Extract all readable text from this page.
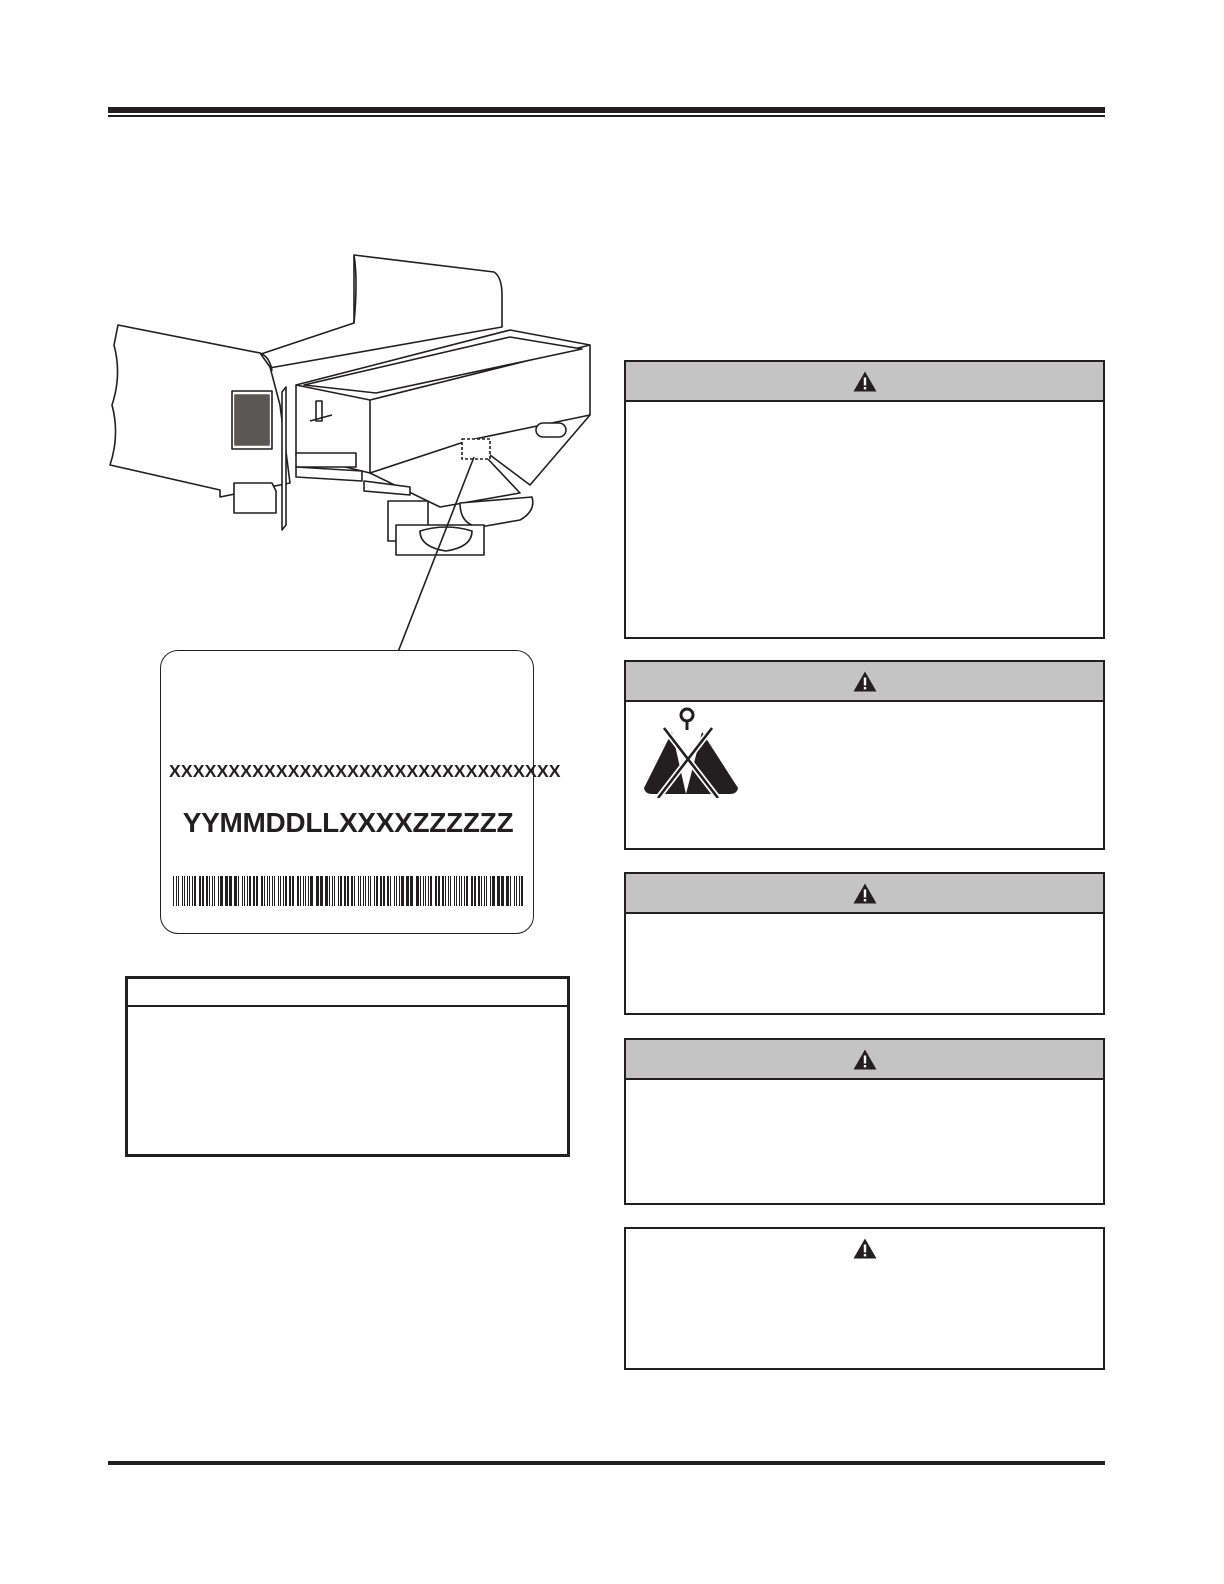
XXXXXXXXXXXXXXXXXXXXXXXXXXXXXXXXX
YYMMDDLLXXXXZZZZZZ
